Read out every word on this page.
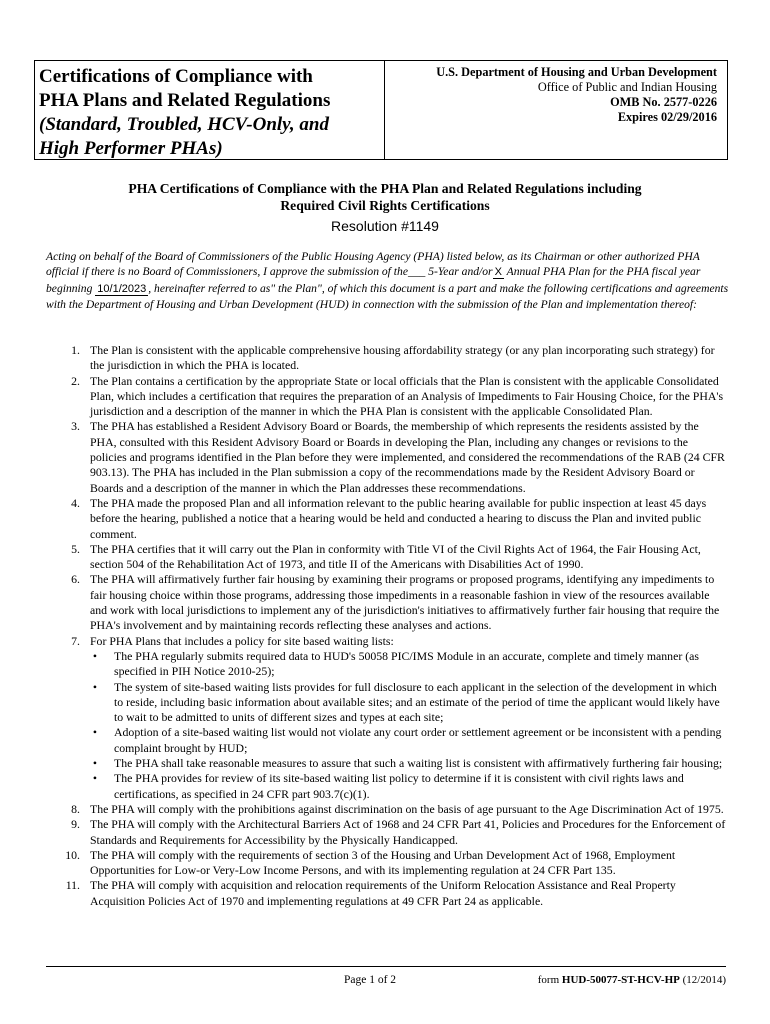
Certifications of Compliance with
PHA Plans and Related Regulations
(Standard, Troubled, HCV-Only, and
High Performer PHAs)
U.S. Department of Housing and Urban Development
Office of Public and Indian Housing
OMB No. 2577-0226
Expires 02/29/2016
PHA Certifications of Compliance with the PHA Plan and Related Regulations including
Required Civil Rights Certifications
Resolution #1149
Acting on behalf of the Board of Commissioners of the Public Housing Agency (PHA) listed below, as its Chairman or other authorized PHA official if there is no Board of Commissioners, I approve the submission of the___ 5-Year and/or X Annual PHA Plan for the PHA fiscal year beginning 10/1/2023 , hereinafter referred to as" the Plan", of which this document is a part and make the following certifications and agreements with the Department of Housing and Urban Development (HUD) in connection with the submission of the Plan and implementation thereof:
1. The Plan is consistent with the applicable comprehensive housing affordability strategy (or any plan incorporating such strategy) for the jurisdiction in which the PHA is located.
2. The Plan contains a certification by the appropriate State or local officials that the Plan is consistent with the applicable Consolidated Plan, which includes a certification that requires the preparation of an Analysis of Impediments to Fair Housing Choice, for the PHA's jurisdiction and a description of the manner in which the PHA Plan is consistent with the applicable Consolidated Plan.
3. The PHA has established a Resident Advisory Board or Boards, the membership of which represents the residents assisted by the PHA, consulted with this Resident Advisory Board or Boards in developing the Plan, including any changes or revisions to the policies and programs identified in the Plan before they were implemented, and considered the recommendations of the RAB (24 CFR 903.13). The PHA has included in the Plan submission a copy of the recommendations made by the Resident Advisory Board or Boards and a description of the manner in which the Plan addresses these recommendations.
4. The PHA made the proposed Plan and all information relevant to the public hearing available for public inspection at least 45 days before the hearing, published a notice that a hearing would be held and conducted a hearing to discuss the Plan and invited public comment.
5. The PHA certifies that it will carry out the Plan in conformity with Title VI of the Civil Rights Act of 1964, the Fair Housing Act, section 504 of the Rehabilitation Act of 1973, and title II of the Americans with Disabilities Act of 1990.
6. The PHA will affirmatively further fair housing by examining their programs or proposed programs, identifying any impediments to fair housing choice within those programs, addressing those impediments in a reasonable fashion in view of the resources available and work with local jurisdictions to implement any of the jurisdiction's initiatives to affirmatively further fair housing that require the PHA's involvement and by maintaining records reflecting these analyses and actions.
7. For PHA Plans that includes a policy for site based waiting lists:
• The PHA regularly submits required data to HUD's 50058 PIC/IMS Module in an accurate, complete and timely manner (as specified in PIH Notice 2010-25);
• The system of site-based waiting lists provides for full disclosure to each applicant in the selection of the development in which to reside, including basic information about available sites; and an estimate of the period of time the applicant would likely have to wait to be admitted to units of different sizes and types at each site;
• Adoption of a site-based waiting list would not violate any court order or settlement agreement or be inconsistent with a pending complaint brought by HUD;
• The PHA shall take reasonable measures to assure that such a waiting list is consistent with affirmatively furthering fair housing;
• The PHA provides for review of its site-based waiting list policy to determine if it is consistent with civil rights laws and certifications, as specified in 24 CFR part 903.7(c)(1).
8. The PHA will comply with the prohibitions against discrimination on the basis of age pursuant to the Age Discrimination Act of 1975.
9. The PHA will comply with the Architectural Barriers Act of 1968 and 24 CFR Part 41, Policies and Procedures for the Enforcement of Standards and Requirements for Accessibility by the Physically Handicapped.
10. The PHA will comply with the requirements of section 3 of the Housing and Urban Development Act of 1968, Employment Opportunities for Low-or Very-Low Income Persons, and with its implementing regulation at 24 CFR Part 135.
11. The PHA will comply with acquisition and relocation requirements of the Uniform Relocation Assistance and Real Property Acquisition Policies Act of 1970 and implementing regulations at 49 CFR Part 24 as applicable.
Page 1 of 2	form HUD-50077-ST-HCV-HP (12/2014)
